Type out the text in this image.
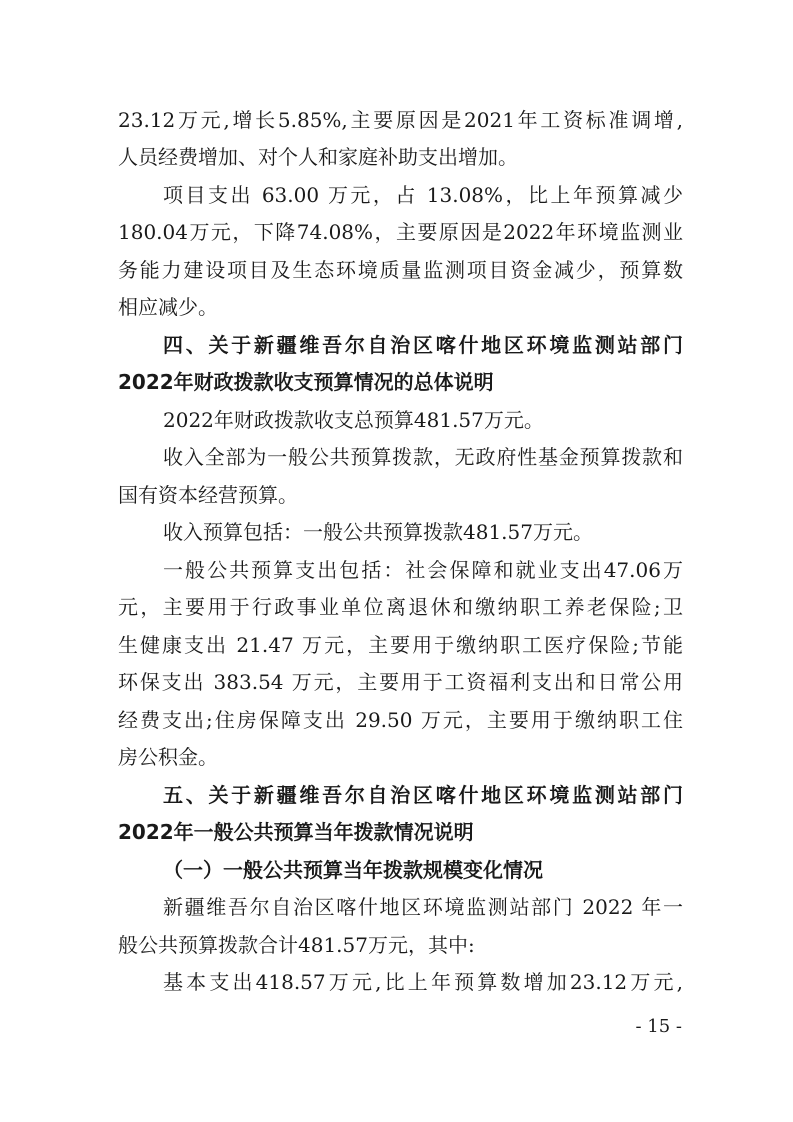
23.12万元,增长5.85%,主要原因是2021年工资标准调增,
人员经费增加、对个人和家庭补助支出增加。
项目支出 63.00 万元，占 13.08%，比上年预算减少
180.04万元，下降74.08%，主要原因是2022年环境监测业
务能力建设项目及生态环境质量监测项目资金减少，预算数
相应减少。
四、关于新疆维吾尔自治区喀什地区环境监测站部门
2022年财政拨款收支预算情况的总体说明
2022年财政拨款收支总预算481.57万元。
收入全部为一般公共预算拨款，无政府性基金预算拨款和
国有资本经营预算。
收入预算包括：一般公共预算拨款481.57万元。
一般公共预算支出包括：社会保障和就业支出47.06万
元，主要用于行政事业单位离退休和缴纳职工养老保险;卫
生健康支出 21.47 万元，主要用于缴纳职工医疗保险;节能
环保支出 383.54 万元，主要用于工资福利支出和日常公用
经费支出;住房保障支出 29.50 万元，主要用于缴纳职工住
房公积金。
五、关于新疆维吾尔自治区喀什地区环境监测站部门
2022年一般公共预算当年拨款情况说明
（一）一般公共预算当年拨款规模变化情况
新疆维吾尔自治区喀什地区环境监测站部门 2022 年一
般公共预算拨款合计481.57万元，其中:
基本支出418.57万元,比上年预算数增加23.12万元,
- 15 -
